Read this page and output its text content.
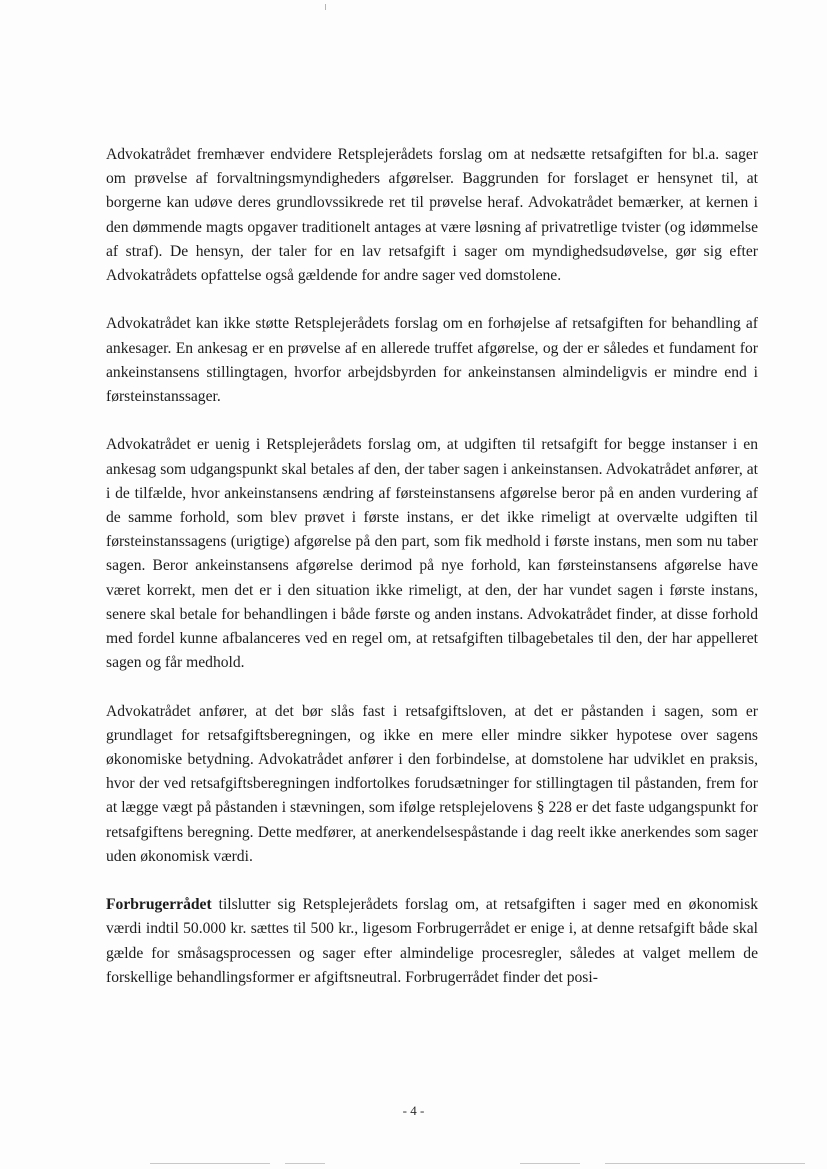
Advokatrådet fremhæver endvidere Retsplejerådets forslag om at nedsætte retsafgiften for bl.a. sager om prøvelse af forvaltningsmyndigheders afgørelser. Baggrunden for forslaget er hensynet til, at borgerne kan udøve deres grundlovssikrede ret til prøvelse heraf. Advokatrådet bemærker, at kernen i den dømmende magts opgaver traditionelt antages at være løsning af privatretlige tvister (og idømmelse af straf). De hensyn, der taler for en lav retsafgift i sager om myndighedsudøvelse, gør sig efter Advokatrådets opfattelse også gældende for andre sager ved domstolene.

Advokatrådet kan ikke støtte Retsplejerådets forslag om en forhøjelse af retsafgiften for behandling af ankesager. En ankesag er en prøvelse af en allerede truffet afgørelse, og der er således et fundament for ankeinstansens stillingtagen, hvorfor arbejdsbyrden for ankeinstansen almindeligvis er mindre end i førsteinstanssager.

Advokatrådet er uenig i Retsplejerådets forslag om, at udgiften til retsafgift for begge instanser i en ankesag som udgangspunkt skal betales af den, der taber sagen i ankeinstansen. Advokatrådet anfører, at i de tilfælde, hvor ankeinstansens ændring af førsteinstansens afgørelse beror på en anden vurdering af de samme forhold, som blev prøvet i første instans, er det ikke rimeligt at overvælte udgiften til førsteinstanssagens (urigtige) afgørelse på den part, som fik medhold i første instans, men som nu taber sagen. Beror ankeinstansens afgørelse derimod på nye forhold, kan førsteinstansens afgørelse have været korrekt, men det er i den situation ikke rimeligt, at den, der har vundet sagen i første instans, senere skal betale for behandlingen i både første og anden instans. Advokatrådet finder, at disse forhold med fordel kunne afbalanceres ved en regel om, at retsafgiften tilbagebetales til den, der har appelleret sagen og får medhold.

Advokatrådet anfører, at det bør slås fast i retsafgiftsloven, at det er påstanden i sagen, som er grundlaget for retsafgiftsberegningen, og ikke en mere eller mindre sikker hypotese over sagens økonomiske betydning. Advokatrådet anfører i den forbindelse, at domstolene har udviklet en praksis, hvor der ved retsafgiftsberegningen indfortolkes forudsætninger for stillingtagen til påstanden, frem for at lægge vægt på påstanden i stævningen, som ifølge retsplejelovens § 228 er det faste udgangspunkt for retsafgiftens beregning. Dette medfører, at anerkendelsespåstande i dag reelt ikke anerkendes som sager uden økonomisk værdi.

Forbrugerrådet tilslutter sig Retsplejerådets forslag om, at retsafgiften i sager med en økonomisk værdi indtil 50.000 kr. sættes til 500 kr., ligesom Forbrugerrådet er enige i, at denne retsafgift både skal gælde for småsagsprocessen og sager efter almindelige procesregler, således at valget mellem de forskellige behandlingsformer er afgiftsneutral. Forbrugerrådet finder det posi-

- 4 -
